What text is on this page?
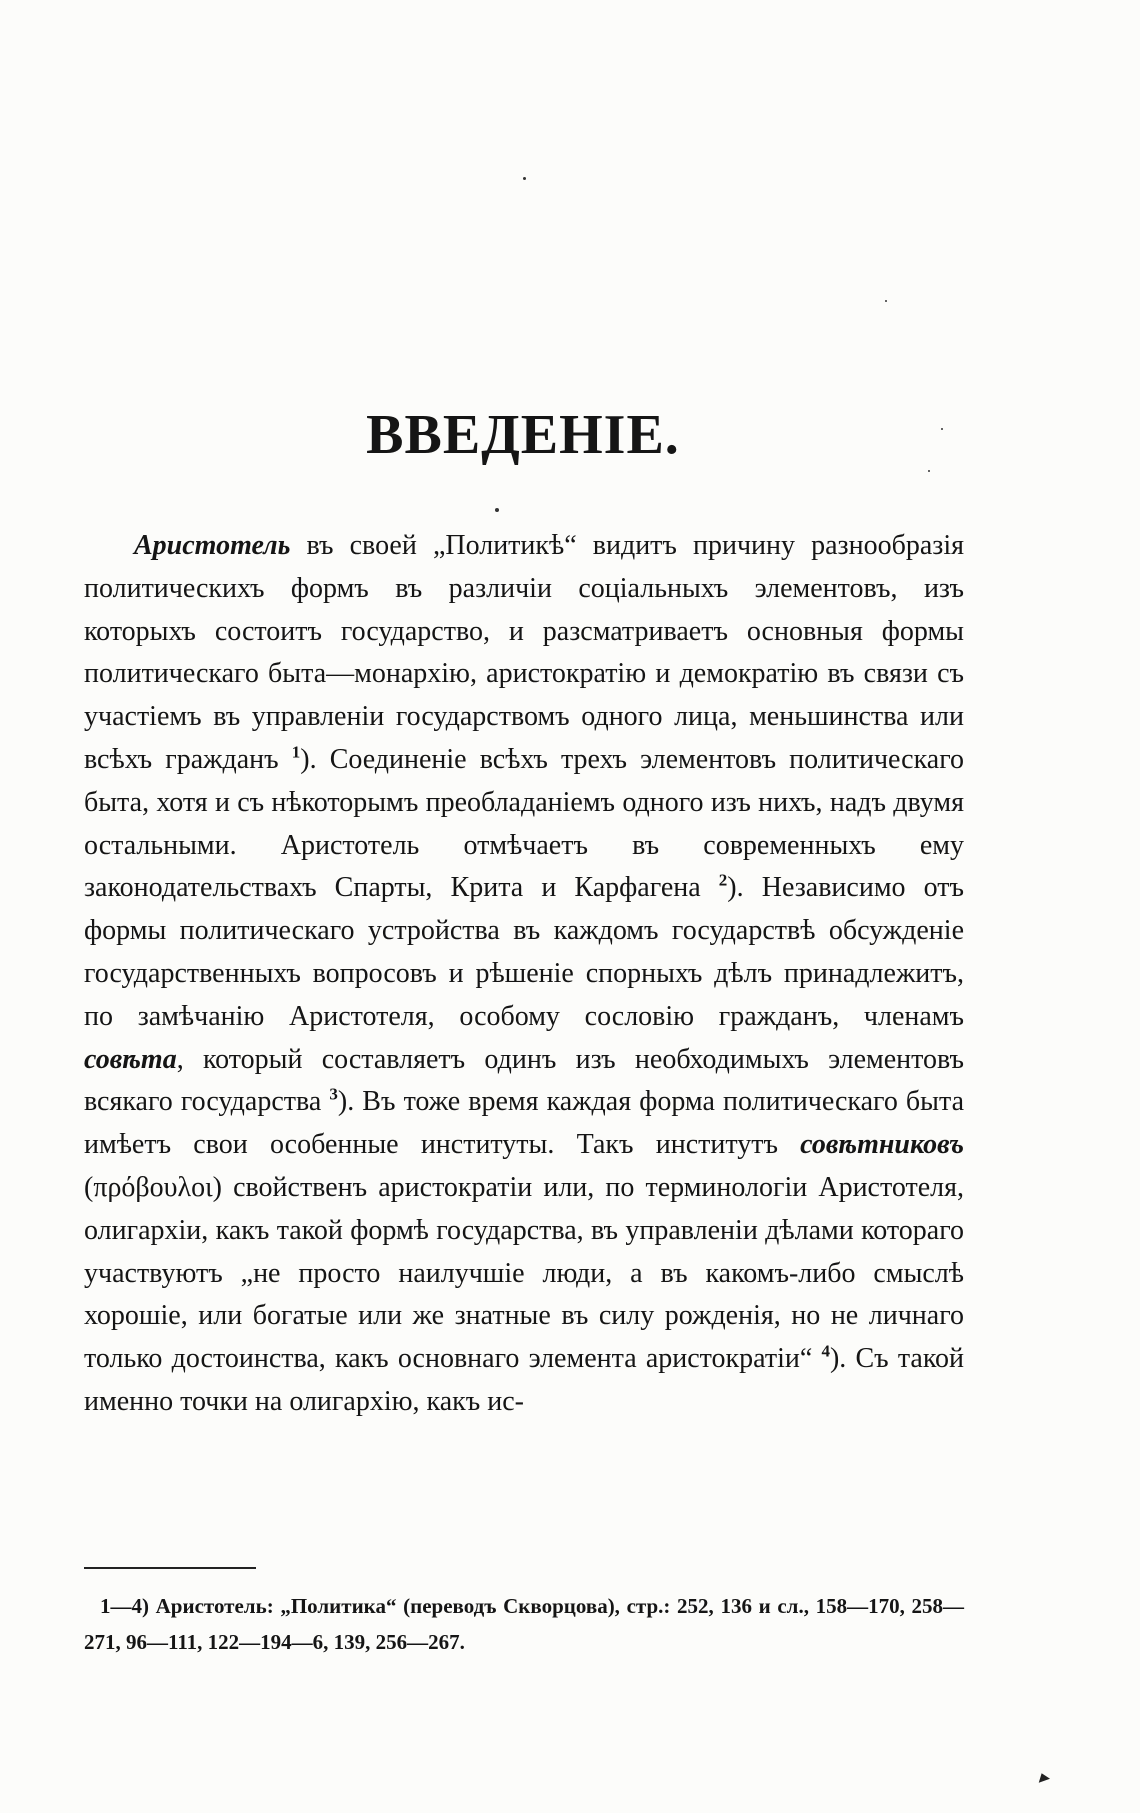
ВВЕДЕНІЕ.

Аристотель въ своей „Политикѣ“ видитъ причину разнообразія политическихъ формъ въ различіи соціальныхъ элементовъ, изъ которыхъ состоитъ государство, и разсматриваетъ основныя формы политическаго быта—монархію, аристократію и демократію въ связи съ участіемъ въ управленіи государствомъ одного лица, меньшинства или всѣхъ гражданъ $^1$). Соединеніе всѣхъ трехъ элементовъ политическаго быта, хотя и съ нѣкоторымъ преобладаніемъ одного изъ нихъ, надъ двумя остальными. Аристотель отмѣчаетъ въ современныхъ ему законодательствахъ Спарты, Крита и Карфагена $^2$). Независимо отъ формы политическаго устройства въ каждомъ государствѣ обсужденіе государственныхъ вопросовъ и рѣшеніе спорныхъ дѣлъ принадлежитъ, по замѣчанію Аристотеля, особому сословію гражданъ, членамъ совѣта, который составляетъ одинъ изъ необходимыхъ элементовъ всякаго государства $^3$). Въ тоже время каждая форма политическаго быта имѣетъ свои особенные институты. Такъ институтъ совѣтниковъ (πρόβουλοι) свойственъ аристократіи или, по терминологіи Аристотеля, олигархіи, какъ такой формѣ государства, въ управленіи дѣлами котораго участвуютъ „не просто наилучшіе люди, а въ какомъ-либо смыслѣ хорошіе, или богатые или же знатные въ силу рожденія, но не личнаго только достоинства, какъ основнаго элемента аристократіи“ $^4$). Съ такой именно точки на олигархію, какъ ис-

1—4) Аристотель: „Политика“ (переводъ Скворцова), стр.: 252, 136 и сл., 158—170, 258—271, 96—111, 122—194—6, 139, 256—267.
